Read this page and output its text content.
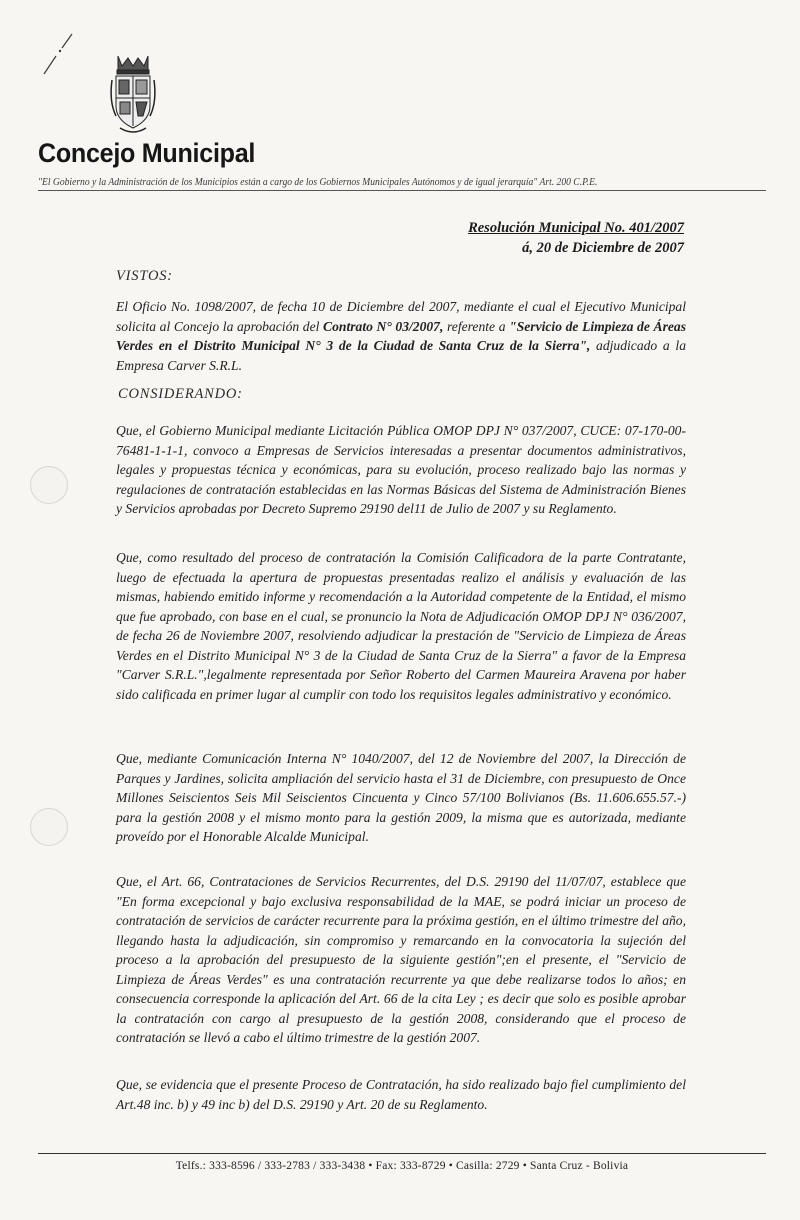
Concejo Municipal
"El Gobierno y la Administración de los Municipios están a cargo de los Gobiernos Municipales Autónomos y de igual jerarquía" Art. 200 C.P.E.
Resolución Municipal No. 401/2007
á, 20 de Diciembre de 2007
VISTOS:
El Oficio No. 1098/2007, de fecha 10 de Diciembre del 2007, mediante el cual el Ejecutivo Municipal solicita al Concejo la aprobación del Contrato N° 03/2007, referente a "Servicio de Limpieza de Áreas Verdes en el Distrito Municipal N° 3 de la Ciudad de Santa Cruz de la Sierra", adjudicado a la Empresa Carver S.R.L.
CONSIDERANDO:
Que, el Gobierno Municipal mediante Licitación Pública OMOP DPJ N° 037/2007, CUCE: 07-170-00-76481-1-1-1, convoco a Empresas de Servicios interesadas a presentar documentos administrativos, legales y propuestas técnica y económicas, para su evolución, proceso realizado bajo las normas y regulaciones de contratación establecidas en las Normas Básicas del Sistema de Administración Bienes y Servicios aprobadas por Decreto Supremo 29190 del11 de Julio de 2007 y su Reglamento.
Que, como resultado del proceso de contratación la Comisión Calificadora de la parte Contratante, luego de efectuada la apertura de propuestas presentadas realizo el análisis y evaluación de las mismas, habiendo emitido informe y recomendación a la Autoridad competente de la Entidad, el mismo que fue aprobado, con base en el cual, se pronuncio la Nota de Adjudicación OMOP DPJ N° 036/2007, de fecha 26 de Noviembre 2007, resolviendo adjudicar la prestación de "Servicio de Limpieza de Áreas Verdes en el Distrito Municipal N° 3 de la Ciudad de Santa Cruz de la Sierra" a favor de la Empresa "Carver S.R.L.",legalmente representada por Señor Roberto del Carmen Maureira Aravena por haber sido calificada en primer lugar al cumplir con todo los requisitos legales administrativo y económico.
Que, mediante Comunicación Interna N° 1040/2007, del 12 de Noviembre del 2007, la Dirección de Parques y Jardines, solicita ampliación del servicio hasta el 31 de Diciembre, con presupuesto de Once Millones Seiscientos Seis Mil Seiscientos Cincuenta y Cinco 57/100 Bolivianos (Bs. 11.606.655.57.-) para la gestión 2008 y el mismo monto para la gestión 2009, la misma que es autorizada, mediante proveído por el Honorable Alcalde Municipal.
Que, el Art. 66, Contrataciones de Servicios Recurrentes, del D.S. 29190 del 11/07/07, establece que "En forma excepcional y bajo exclusiva responsabilidad de la MAE, se podrá iniciar un proceso de contratación de servicios de carácter recurrente para la próxima gestión, en el último trimestre del año, llegando hasta la adjudicación, sin compromiso y remarcando en la convocatoria la sujeción del proceso a la aprobación del presupuesto de la siguiente gestión";en el presente, el "Servicio de Limpieza de Áreas Verdes" es una contratación recurrente ya que debe realizarse todos lo años; en consecuencia corresponde la aplicación del Art. 66 de la cita Ley ; es decir que solo es posible aprobar la contratación con cargo al presupuesto de la gestión 2008, considerando que el proceso de contratación se llevó a cabo el último trimestre de la gestión 2007.
Que, se evidencia que el presente Proceso de Contratación, ha sido realizado bajo fiel cumplimiento del Art.48 inc. b) y 49 inc b) del D.S. 29190 y Art. 20 de su Reglamento.
Telfs.: 333-8596 / 333-2783 / 333-3438 • Fax: 333-8729 • Casilla: 2729 • Santa Cruz - Bolivia
